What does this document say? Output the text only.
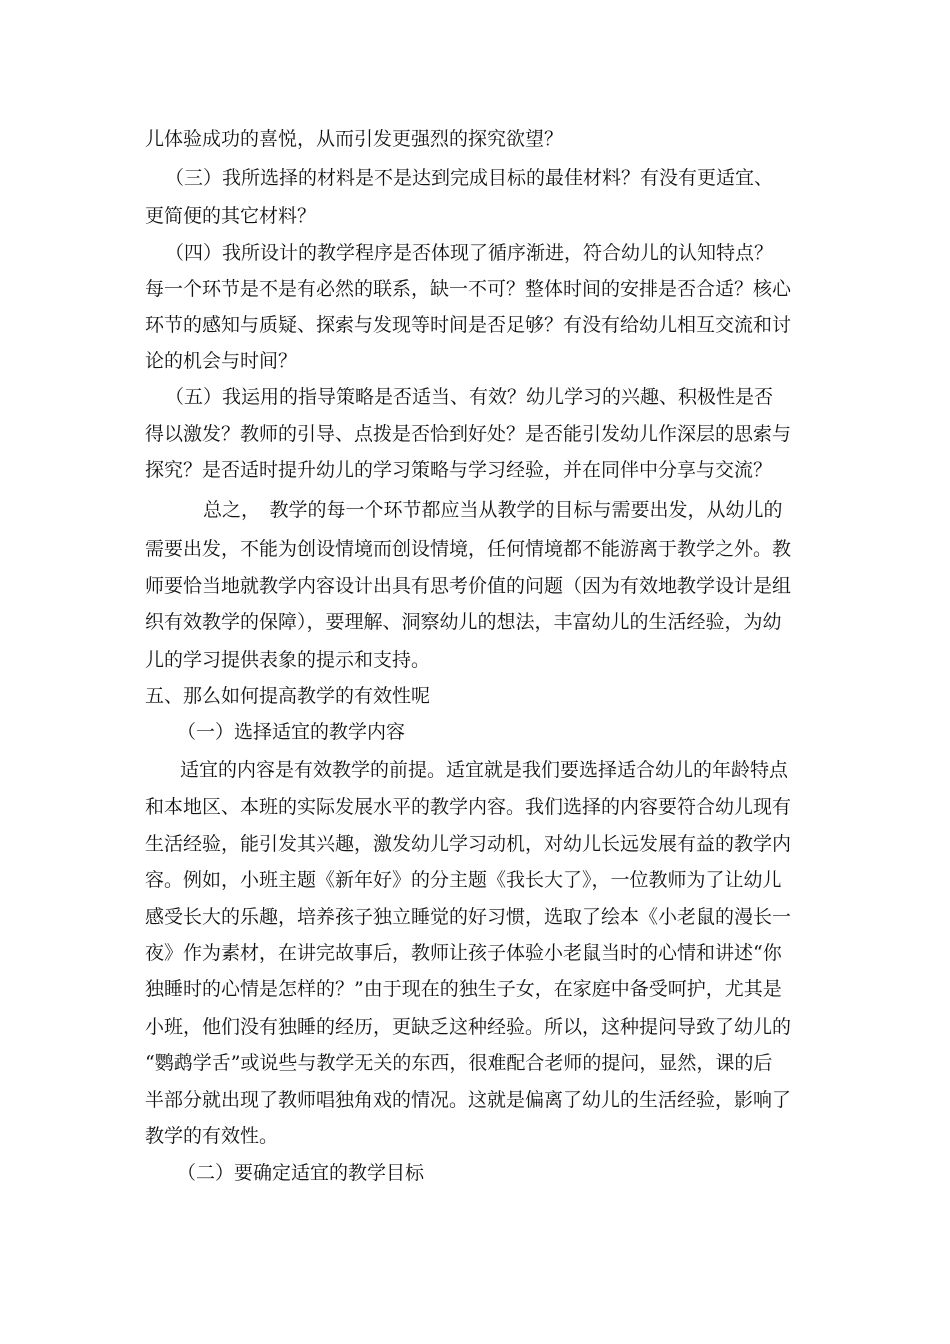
儿体验成功的喜悦，从而引发更强烈的探究欲望？
（三）我所选择的材料是不是达到完成目标的最佳材料？有没有更适宜、
更简便的其它材料？
（四）我所设计的教学程序是否体现了循序渐进，符合幼儿的认知特点？
每一个环节是不是有必然的联系，缺一不可？整体时间的安排是否合适？核心
环节的感知与质疑、探索与发现等时间是否足够？有没有给幼儿相互交流和讨
论的机会与时间？
（五）我运用的指导策略是否适当、有效？幼儿学习的兴趣、积极性是否
得以激发？教师的引导、点拨是否恰到好处？是否能引发幼儿作深层的思索与
探究？是否适时提升幼儿的学习策略与学习经验，并在同伴中分享与交流？
总之，　教学的每一个环节都应当从教学的目标与需要出发，从幼儿的
需要出发，不能为创设情境而创设情境，任何情境都不能游离于教学之外。教
师要恰当地就教学内容设计出具有思考价值的问题（因为有效地教学设计是组
织有效教学的保障），要理解、洞察幼儿的想法，丰富幼儿的生活经验，为幼
儿的学习提供表象的提示和支持。
五、那么如何提高教学的有效性呢
（一）选择适宜的教学内容
适宜的内容是有效教学的前提。适宜就是我们要选择适合幼儿的年龄特点
和本地区、本班的实际发展水平的教学内容。我们选择的内容要符合幼儿现有
生活经验，能引发其兴趣，激发幼儿学习动机，对幼儿长远发展有益的教学内
容。例如，小班主题《新年好》的分主题《我长大了》，一位教师为了让幼儿
感受长大的乐趣，培养孩子独立睡觉的好习惯，选取了绘本《小老鼠的漫长一
夜》作为素材，在讲完故事后，教师让孩子体验小老鼠当时的心情和讲述“你
独睡时的心情是怎样的？”由于现在的独生子女，在家庭中备受呵护，尤其是
小班，他们没有独睡的经历，更缺乏这种经验。所以，这种提问导致了幼儿的
“鹦鹉学舌”或说些与教学无关的东西，很难配合老师的提问，显然，课的后
半部分就出现了教师唱独角戏的情况。这就是偏离了幼儿的生活经验，影响了
教学的有效性。
（二）要确定适宜的教学目标
